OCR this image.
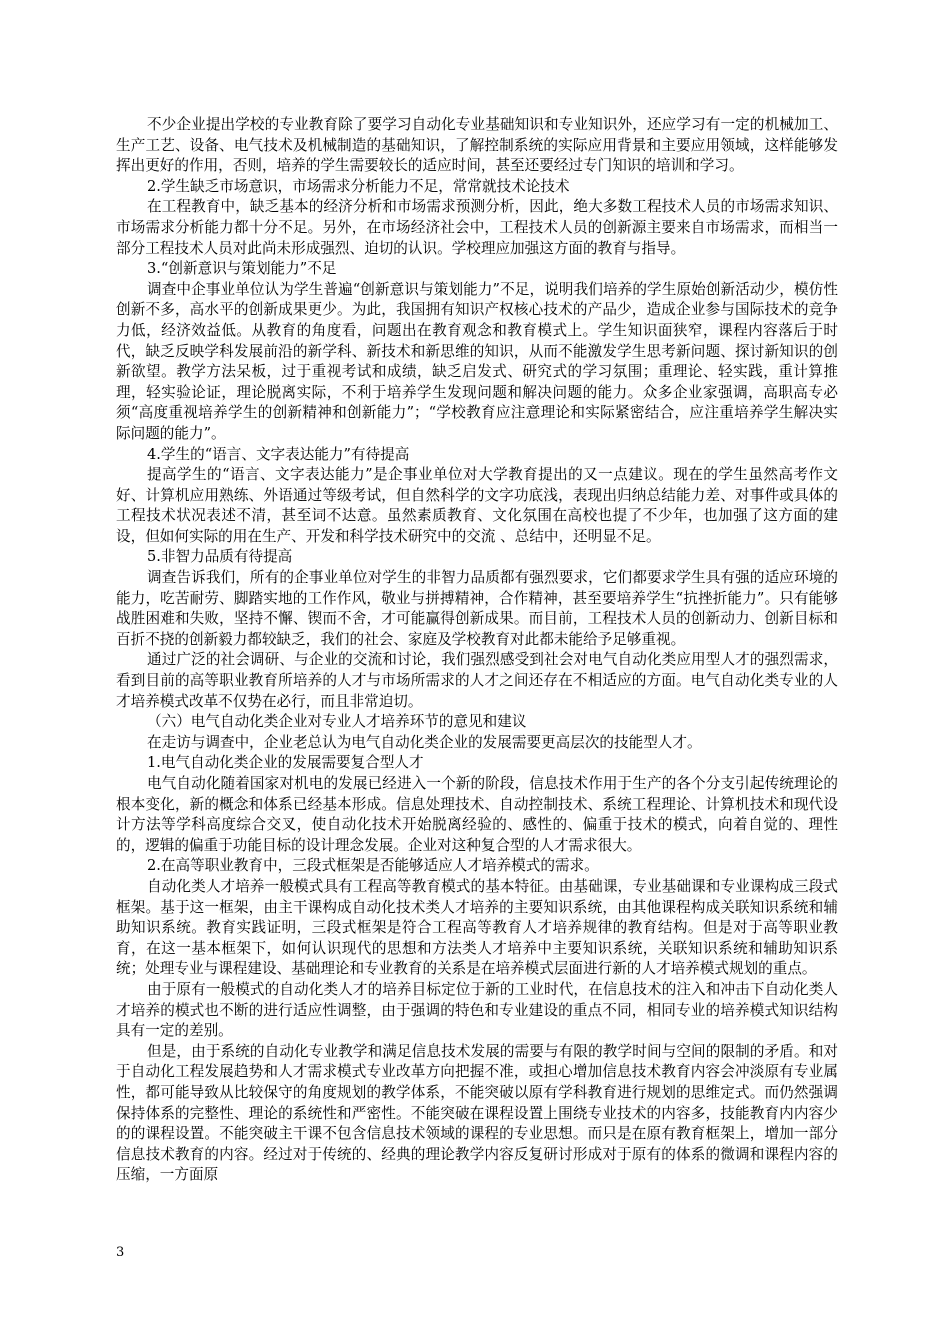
不少企业提出学校的专业教育除了要学习自动化专业基础知识和专业知识外，还应学习有一定的机械加工、生产工艺、设备、电气技术及机械制造的基础知识，了解控制系统的实际应用背景和主要应用领域，这样能够发挥出更好的作用，否则，培养的学生需要较长的适应时间，甚至还要经过专门知识的培训和学习。

2.学生缺乏市场意识，市场需求分析能力不足，常常就技术论技术

在工程教育中，缺乏基本的经济分析和市场需求预测分析，因此，绝大多数工程技术人员的市场需求知识、市场需求分析能力都十分不足。另外，在市场经济社会中，工程技术人员的创新源主要来自市场需求，而相当一部分工程技术人员对此尚未形成强烈、迫切的认识。学校理应加强这方面的教育与指导。

3.“创新意识与策划能力”不足

调查中企事业单位认为学生普遍“创新意识与策划能力”不足，说明我们培养的学生原始创新活动少，模仿性创新不多，高水平的创新成果更少。为此，我国拥有知识产权核心技术的产品少，造成企业参与国际技术的竞争力低，经济效益低。从教育的角度看，问题出在教育观念和教育模式上。学生知识面狭窄，课程内容落后于时代，缺乏反映学科发展前沿的新学科、新技术和新思维的知识，从而不能激发学生思考新问题、探讨新知识的创新欲望。教学方法呆板，过于重视考试和成绩，缺乏启发式、研究式的学习氛围；重理论、轻实践，重计算推理，轻实验论证，理论脱离实际，不利于培养学生发现问题和解决问题的能力。众多企业家强调，高职高专必须“高度重视培养学生的创新精神和创新能力”；“学校教育应注意理论和实际紧密结合，应注重培养学生解决实际问题的能力”。

4.学生的“语言、文字表达能力”有待提高

提高学生的“语言、文字表达能力”是企事业单位对大学教育提出的又一点建议。现在的学生虽然高考作文好、计算机应用熟练、外语通过等级考试，但自然科学的文字功底浅，表现出归纳总结能力差、对事件或具体的工程技术状况表述不清，甚至词不达意。虽然素质教育、文化氛围在高校也提了不少年，也加强了这方面的建设，但如何实际的用在生产、开发和科学技术研究中的交流 、总结中，还明显不足。

5.非智力品质有待提高

调查告诉我们，所有的企事业单位对学生的非智力品质都有强烈要求，它们都要求学生具有强的适应环境的能力，吃苦耐劳、脚踏实地的工作作风，敬业与拼搏精神，合作精神，甚至要培养学生“抗挫折能力”。只有能够战胜困难和失败，坚持不懈、锲而不舍，才可能赢得创新成果。而目前，工程技术人员的创新动力、创新目标和百折不挠的创新毅力都较缺乏，我们的社会、家庭及学校教育对此都未能给予足够重视。

通过广泛的社会调研、与企业的交流和讨论，我们强烈感受到社会对电气自动化类应用型人才的强烈需求，看到目前的高等职业教育所培养的人才与市场所需求的人才之间还存在不相适应的方面。电气自动化类专业的人才培养模式改革不仅势在必行，而且非常迫切。

（六）电气自动化类企业对专业人才培养环节的意见和建议

在走访与调查中，企业老总认为电气自动化类企业的发展需要更高层次的技能型人才。

1.电气自动化类企业的发展需要复合型人才

电气自动化随着国家对机电的发展已经进入一个新的阶段，信息技术作用于生产的各个分支引起传统理论的根本变化，新的概念和体系已经基本形成。信息处理技术、自动控制技术、系统工程理论、计算机技术和现代设计方法等学科高度综合交叉，使自动化技术开始脱离经验的、感性的、偏重于技术的模式，向着自觉的、理性的，逻辑的偏重于功能目标的设计理念发展。企业对这种复合型的人才需求很大。

2.在高等职业教育中，三段式框架是否能够适应人才培养模式的需求。

自动化类人才培养一般模式具有工程高等教育模式的基本特征。由基础课，专业基础课和专业课构成三段式框架。基于这一框架，由主干课构成自动化技术类人才培养的主要知识系统，由其他课程构成关联知识系统和辅助知识系统。教育实践证明，三段式框架是符合工程高等教育人才培养规律的教育结构。但是对于高等职业教育，在这一基本框架下，如何认识现代的思想和方法类人才培养中主要知识系统，关联知识系统和辅助知识系统；处理专业与课程建设、基础理论和专业教育的关系是在培养模式层面进行新的人才培养模式规划的重点。

由于原有一般模式的自动化类人才的培养目标定位于新的工业时代，在信息技术的注入和冲击下自动化类人才培养的模式也不断的进行适应性调整，由于强调的特色和专业建设的重点不同，相同专业的培养模式知识结构具有一定的差别。

但是，由于系统的自动化专业教学和满足信息技术发展的需要与有限的教学时间与空间的限制的矛盾。和对于自动化工程发展趋势和人才需求模式专业改革方向把握不准，或担心增加信息技术教育内容会冲淡原有专业属性，都可能导致从比较保守的角度规划的教学体系，不能突破以原有学科教育进行规划的思维定式。而仍然强调保持体系的完整性、理论的系统性和严密性。不能突破在课程设置上围绕专业技术的内容多，技能教育内内容少的的课程设置。不能突破主干课不包含信息技术领域的课程的专业思想。而只是在原有教育框架上，增加一部分信息技术教育的内容。经过对于传统的、经典的理论教学内容反复研讨形成对于原有的体系的微调和课程内容的压缩，一方面原

3
